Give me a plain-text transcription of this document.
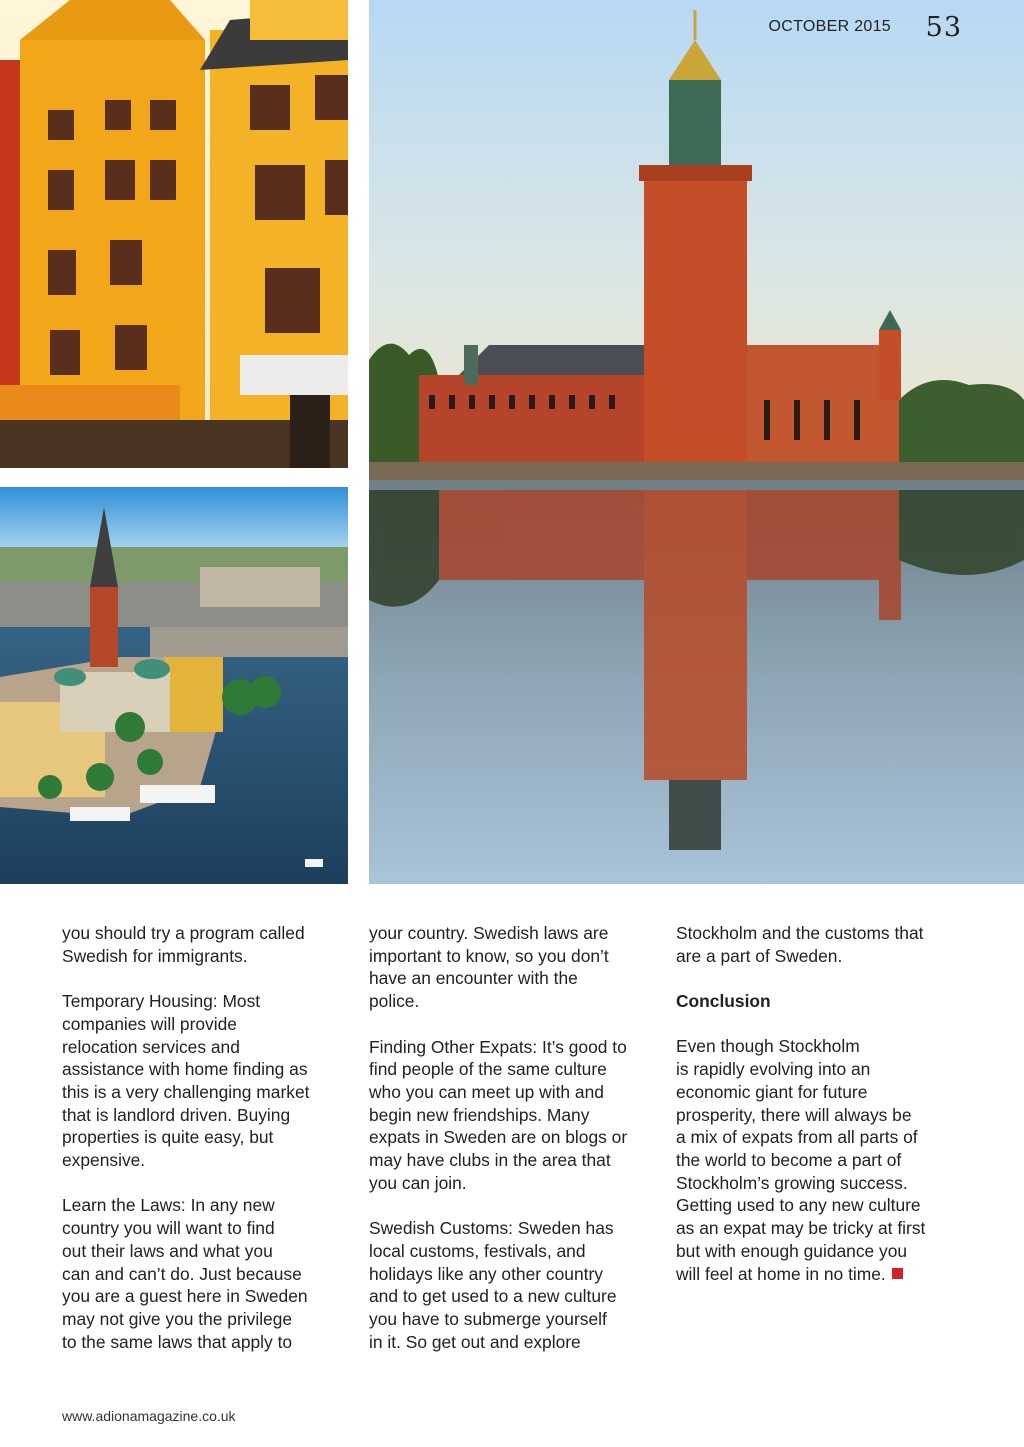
OCTOBER 2015 53

you should try a program called
Swedish for immigrants.

Temporary Housing: Most
companies will provide
relocation services and
assistance with home finding as
this is a very challenging market
that is landlord driven. Buying
properties is quite easy, but
expensive.

Learn the Laws: In any new
country you will want to find
out their laws and what you
can and can’t do. Just because
you are a guest here in Sweden
may not give you the privilege
to the same laws that apply to

your country. Swedish laws are
important to know, so you don’t
have an encounter with the
police.

Finding Other Expats: It’s good to
find people of the same culture
who you can meet up with and
begin new friendships. Many
expats in Sweden are on blogs or
may have clubs in the area that
you can join.

Swedish Customs: Sweden has
local customs, festivals, and
holidays like any other country
and to get used to a new culture
you have to submerge yourself
in it. So get out and explore

Stockholm and the customs that
are a part of Sweden.

Conclusion

Even though Stockholm
is rapidly evolving into an
economic giant for future
prosperity, there will always be
a mix of expats from all parts of
the world to become a part of
Stockholm’s growing success.
Getting used to any new culture
as an expat may be tricky at first
but with enough guidance you
will feel at home in no time.

www.adionamagazine.co.uk
